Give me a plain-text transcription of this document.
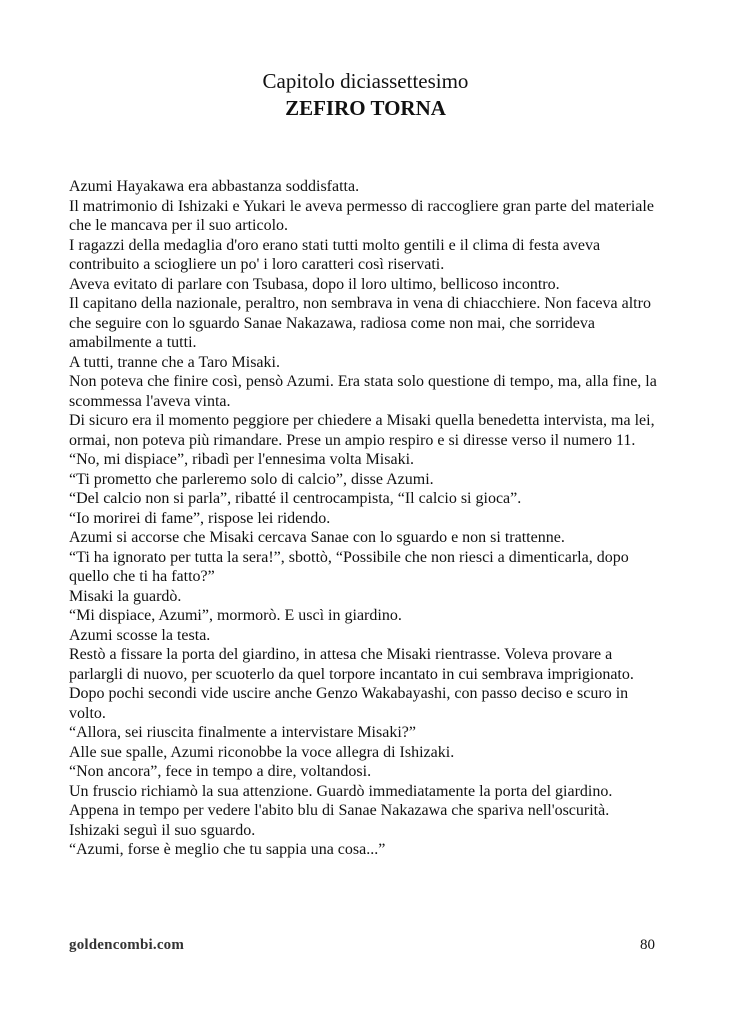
Capitolo diciassettesimo
ZEFIRO TORNA

Azumi Hayakawa era abbastanza soddisfatta.

Il matrimonio di Ishizaki e Yukari le aveva permesso di raccogliere gran parte del materiale che le mancava per il suo articolo.

I ragazzi della medaglia d'oro erano stati tutti molto gentili e il clima di festa aveva contribuito a sciogliere un po' i loro caratteri così riservati.

Aveva evitato di parlare con Tsubasa, dopo il loro ultimo, bellicoso incontro.

Il capitano della nazionale, peraltro, non sembrava in vena di chiacchiere. Non faceva altro che seguire con lo sguardo Sanae Nakazawa, radiosa come non mai, che sorrideva amabilmente a tutti.

A tutti, tranne che a Taro Misaki.

Non poteva che finire così, pensò Azumi. Era stata solo questione di tempo, ma, alla fine, la scommessa l'aveva vinta.

Di sicuro era il momento peggiore per chiedere a Misaki quella benedetta intervista, ma lei, ormai, non poteva più rimandare. Prese un ampio respiro e si diresse verso il numero 11.

“No, mi dispiace”, ribadì per l'ennesima volta Misaki.

“Ti prometto che parleremo solo di calcio”, disse Azumi.

“Del calcio non si parla”, ribatté il centrocampista, “Il calcio si gioca”.

“Io morirei di fame”, rispose lei ridendo.

Azumi si accorse che Misaki cercava Sanae con lo sguardo e non si trattenne.

“Ti ha ignorato per tutta la sera!”, sbottò, “Possibile che non riesci a dimenticarla, dopo quello che ti ha fatto?”

Misaki la guardò.

“Mi dispiace, Azumi”, mormorò. E uscì in giardino.

Azumi scosse la testa.

Restò a fissare la porta del giardino, in attesa che Misaki rientrasse. Voleva provare a parlargli di nuovo, per scuoterlo da quel torpore incantato in cui sembrava imprigionato.

Dopo pochi secondi vide uscire anche Genzo Wakabayashi, con passo deciso e scuro in volto.

“Allora, sei riuscita finalmente a intervistare Misaki?”

Alle sue spalle, Azumi riconobbe la voce allegra di Ishizaki.

“Non ancora”, fece in tempo a dire, voltandosi.

Un fruscio richiamò la sua attenzione. Guardò immediatamente la porta del giardino.

Appena in tempo per vedere l'abito blu di Sanae Nakazawa che spariva nell'oscurità.

Ishizaki seguì il suo sguardo.

“Azumi, forse è meglio che tu sappia una cosa...”

goldencombi.com	80
